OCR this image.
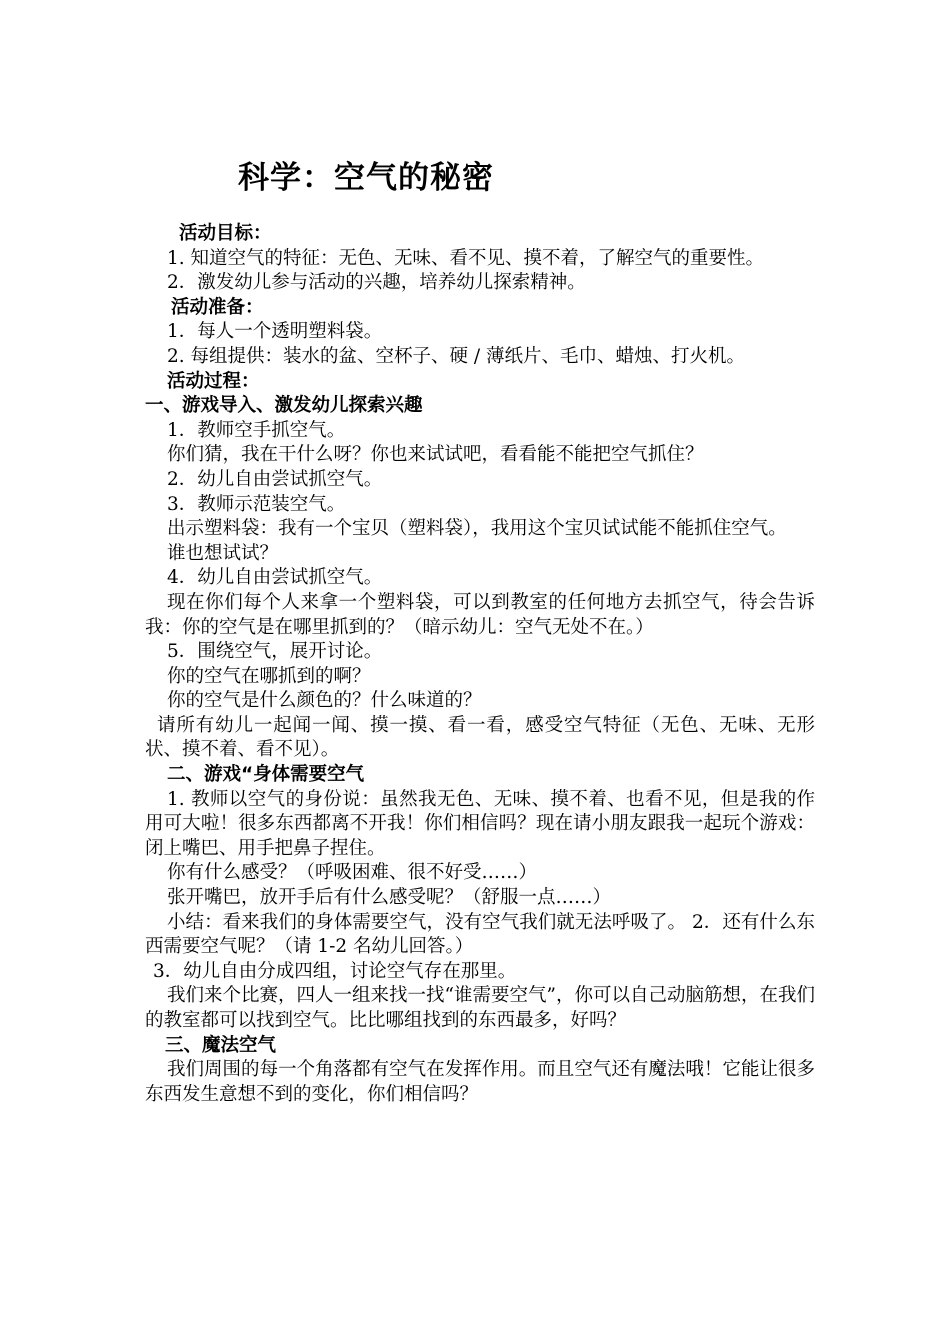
科学：空气的秘密

活动目标：

1. 知道空气的特征：无色、无味、看不见、摸不着，了解空气的重要性。

2．激发幼儿参与活动的兴趣，培养幼儿探索精神。

活动准备：

1．每人一个透明塑料袋。

2. 每组提供：装水的盆、空杯子、硬 / 薄纸片、毛巾、蜡烛、打火机。

活动过程：

一、游戏导入、激发幼儿探索兴趣

1．教师空手抓空气。

你们猜，我在干什么呀？你也来试试吧，看看能不能把空气抓住？

2．幼儿自由尝试抓空气。

3．教师示范装空气。

出示塑料袋：我有一个宝贝（塑料袋），我用这个宝贝试试能不能抓住空气。

谁也想试试？

4．幼儿自由尝试抓空气。

现在你们每个人来拿一个塑料袋，可以到教室的任何地方去抓空气，待会告诉我：你的空气是在哪里抓到的？（暗示幼儿：空气无处不在。）

5．围绕空气，展开讨论。

你的空气在哪抓到的啊？

你的空气是什么颜色的？什么味道的？

请所有幼儿一起闻一闻、摸一摸、看一看，感受空气特征（无色、无味、无形状、摸不着、看不见）。

二、游戏“身体需要空气

1. 教师以空气的身份说：虽然我无色、无味、摸不着、也看不见，但是我的作用可大啦！很多东西都离不开我！你们相信吗？现在请小朋友跟我一起玩个游戏：闭上嘴巴、用手把鼻子捏住。

你有什么感受？（呼吸困难、很不好受……）

张开嘴巴，放开手后有什么感受呢？（舒服一点……）

小结：看来我们的身体需要空气，没有空气我们就无法呼吸了。 2．还有什么东西需要空气呢？（请 1-2 名幼儿回答。）

3．幼儿自由分成四组，讨论空气存在那里。

我们来个比赛，四人一组来找一找“谁需要空气”，你可以自己动脑筋想，在我们的教室都可以找到空气。比比哪组找到的东西最多，好吗？

三、魔法空气

我们周围的每一个角落都有空气在发挥作用。而且空气还有魔法哦！它能让很多东西发生意想不到的变化，你们相信吗？
